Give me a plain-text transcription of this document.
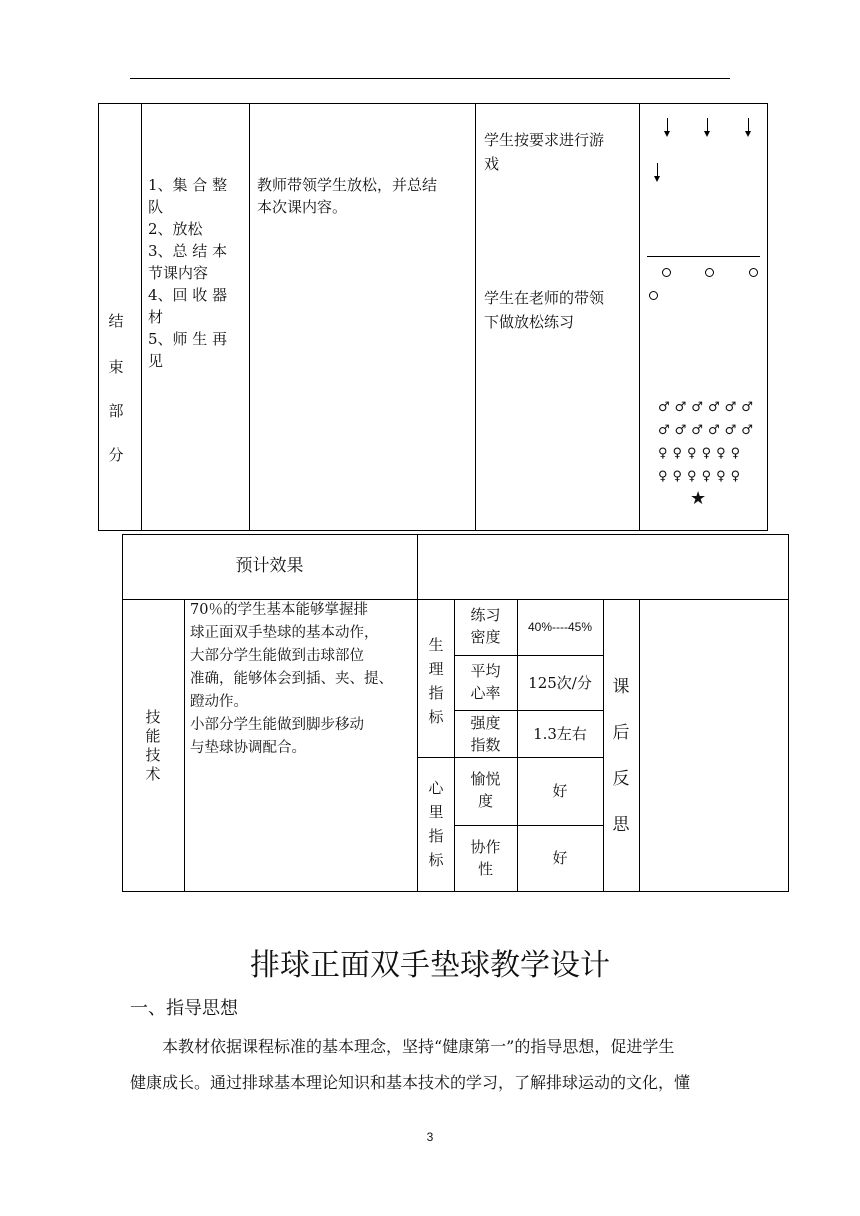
结
束
部
分
1、集 合 整
队
2、放松
3、总 结 本
节课内容
4、回 收 器
材
5、师 生 再
见
教师带领学生放松，并总结
本次课内容。
学生按要求进行游
戏
学生在老师的带领
下做放松练习
♂♂♂♂♂♂
♂♂♂♂♂♂
♀♀♀♀♀♀
♀♀♀♀♀♀
★
预计效果
技
能
技
术
70％的学生基本能够掌握排
球正面双手垫球的基本动作，
大部分学生能做到击球部位
准确，能够体会到插、夹、提、
蹬动作。
小部分学生能做到脚步移动
与垫球协调配合。
生
理
指
标
心
里
指
标
练习
密度
40%----45%
平均
心率
125次/分
强度
指数
1.3左右
愉悦
度
好
协作
性
好
课
后
反
思
排球正面双手垫球教学设计
一、指导思想
本教材依据课程标准的基本理念，坚持“健康第一”的指导思想，促进学生
健康成长。通过排球基本理论知识和基本技术的学习，了解排球运动的文化，懂
3
